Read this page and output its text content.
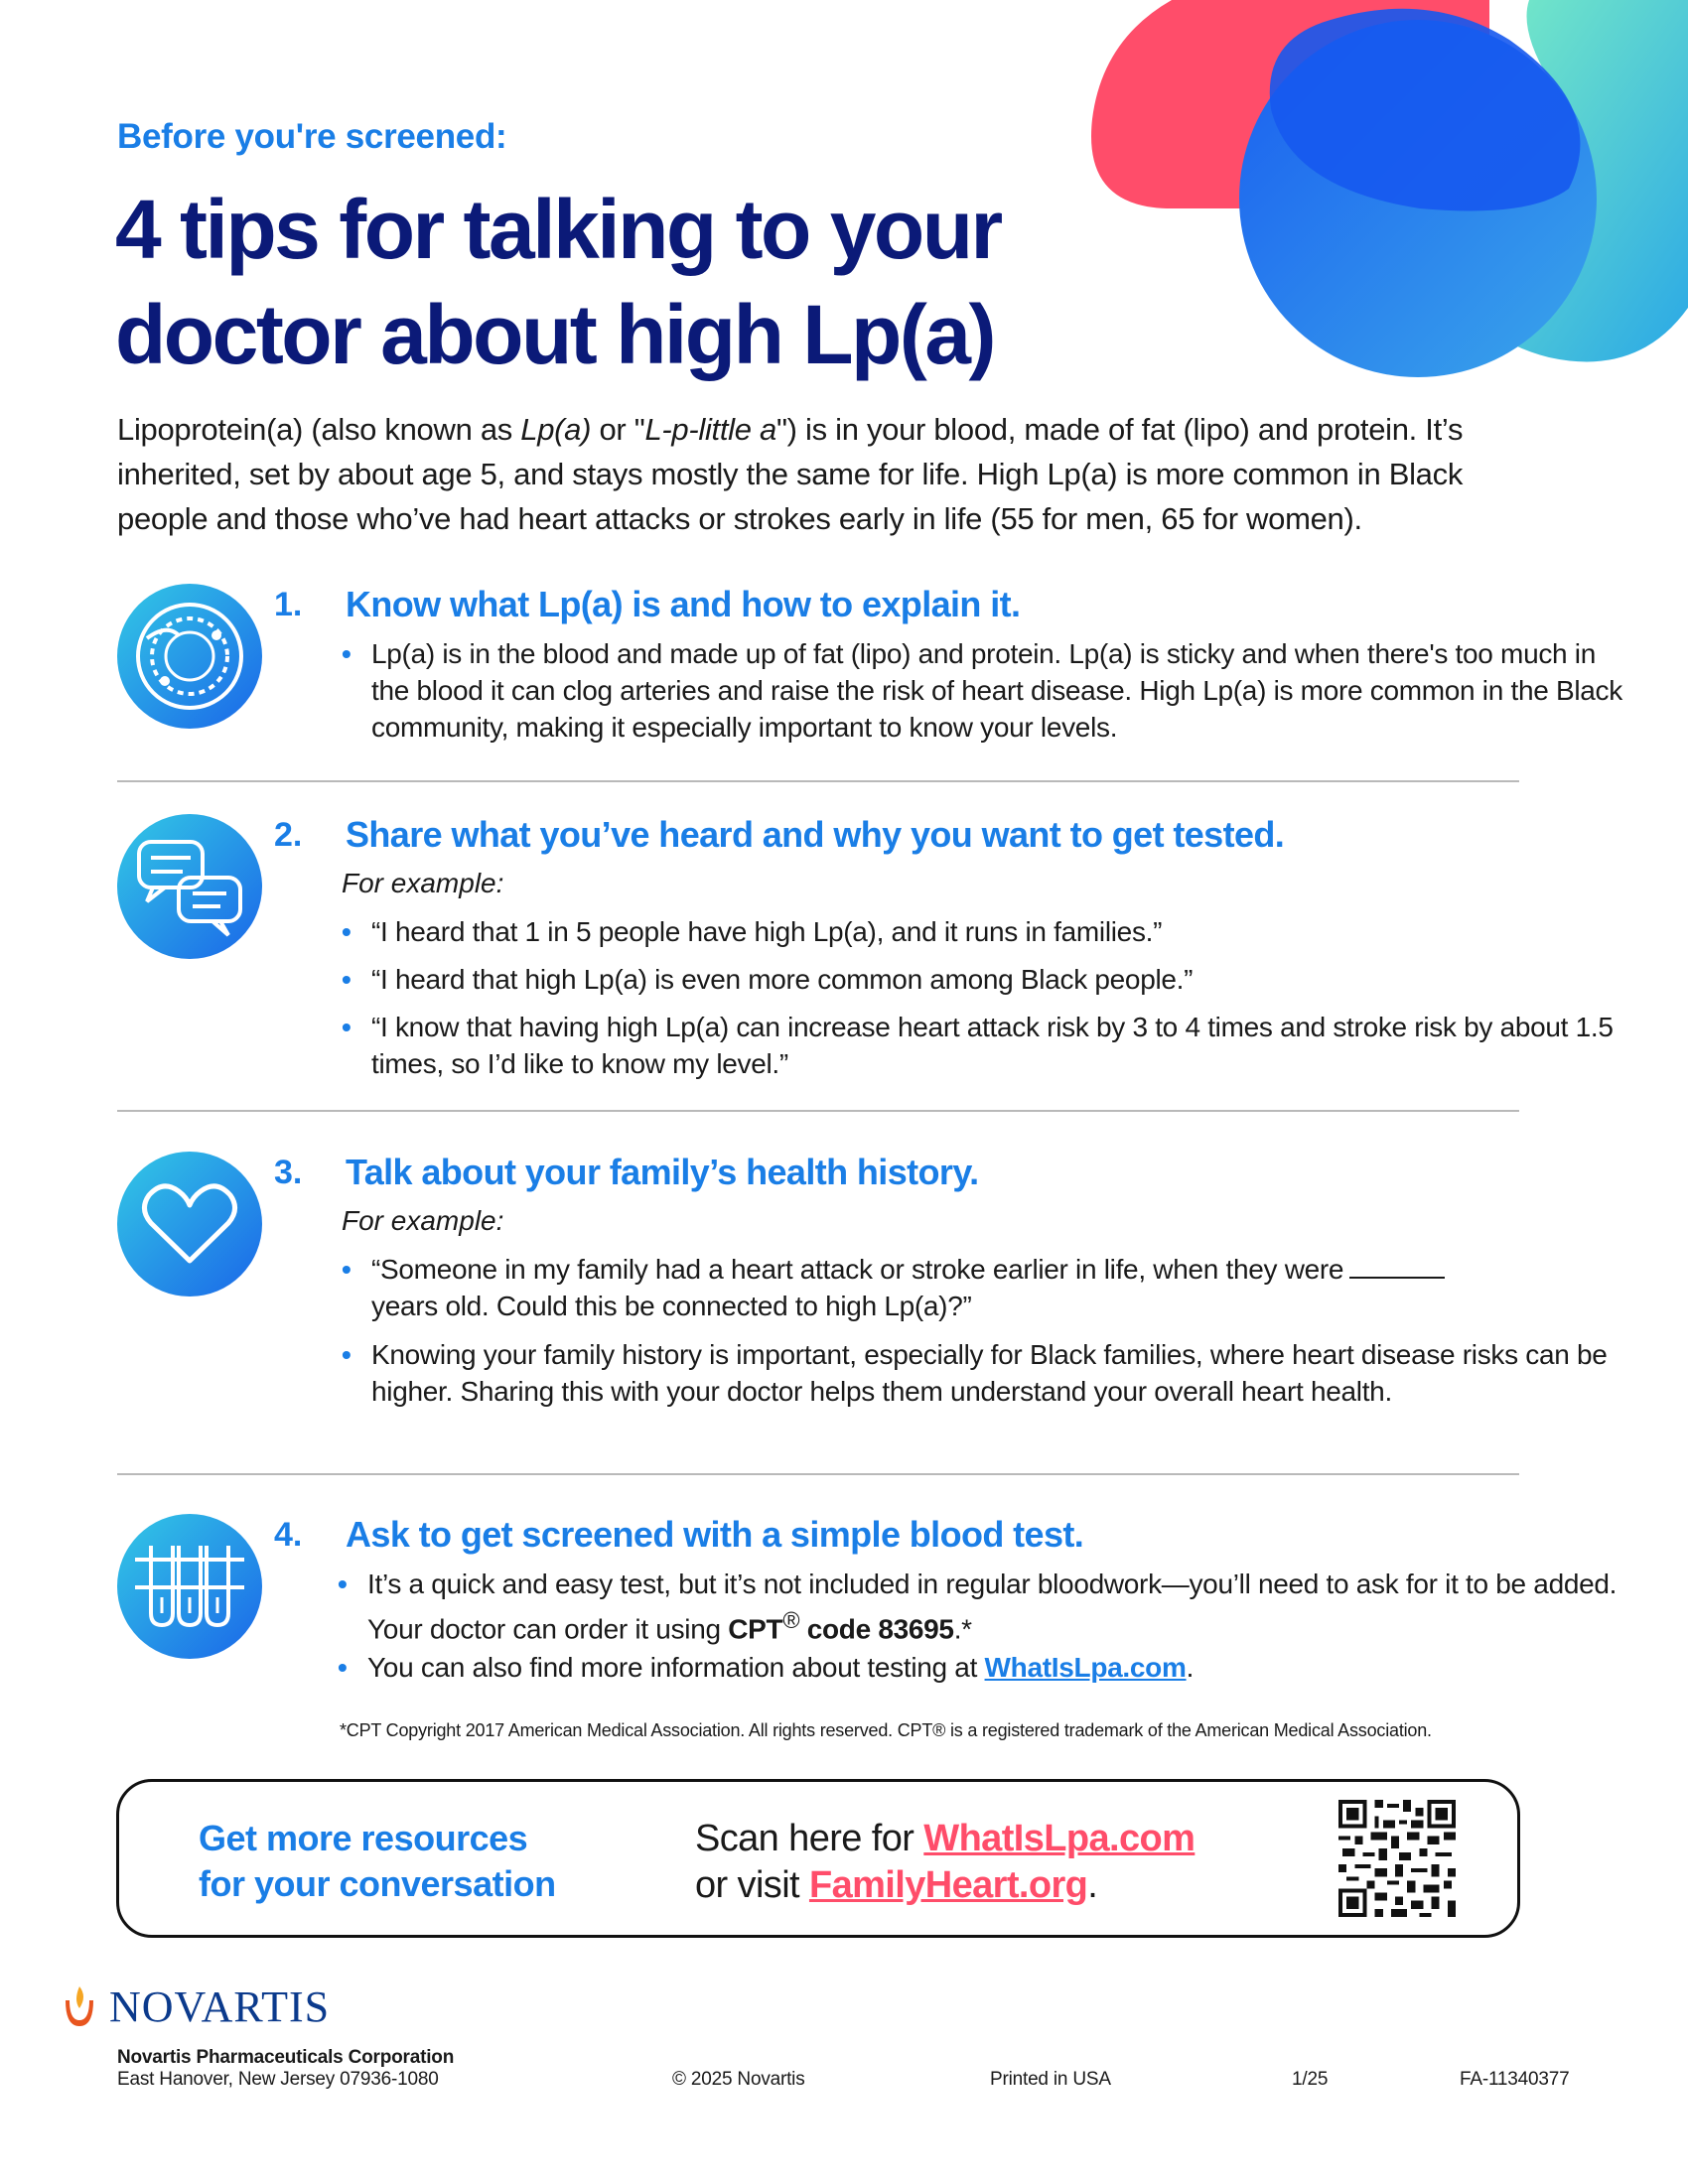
Before you're screened:
4 tips for talking to your
doctor about high Lp(a)

Lipoprotein(a) (also known as Lp(a) or "L-p-little a") is in your blood, made of fat (lipo) and protein. It’s inherited, set by about age 5, and stays mostly the same for life. High Lp(a) is more common in Black people and those who’ve had heart attacks or strokes early in life (55 for men, 65 for women).

1. Know what Lp(a) is and how to explain it.
• Lp(a) is in the blood and made up of fat (lipo) and protein. Lp(a) is sticky and when there's too much in the blood it can clog arteries and raise the risk of heart disease. High Lp(a) is more common in the Black community, making it especially important to know your levels.
2. Share what you’ve heard and why you want to get tested.
For example:
• “I heard that 1 in 5 people have high Lp(a), and it runs in families.”
• “I heard that high Lp(a) is even more common among Black people.”
• “I know that having high Lp(a) can increase heart attack risk by 3 to 4 times and stroke risk by about 1.5 times, so I’d like to know my level.”
3. Talk about your family’s health history.
For example:
• “Someone in my family had a heart attack or stroke earlier in life, when they were
years old. Could this be connected to high Lp(a)?”
• Knowing your family history is important, especially for Black families, where heart disease risks can be higher. Sharing this with your doctor helps them understand your overall heart health.
4. Ask to get screened with a simple blood test.
• It’s a quick and easy test, but it’s not included in regular bloodwork—you’ll need to ask for it to be added. Your doctor can order it using CPT® code 83695.*
• You can also find more information about testing at WhatIsLpa.com.
*CPT Copyright 2017 American Medical Association. All rights reserved. CPT® is a registered trademark of the American Medical Association.
Get more resources
for your conversation
Scan here for WhatIsLpa.com
or visit FamilyHeart.org.
NOVARTIS
Novartis Pharmaceuticals Corporation
East Hanover, New Jersey 07936-1080	© 2025 Novartis	Printed in USA	1/25	FA-11340377
